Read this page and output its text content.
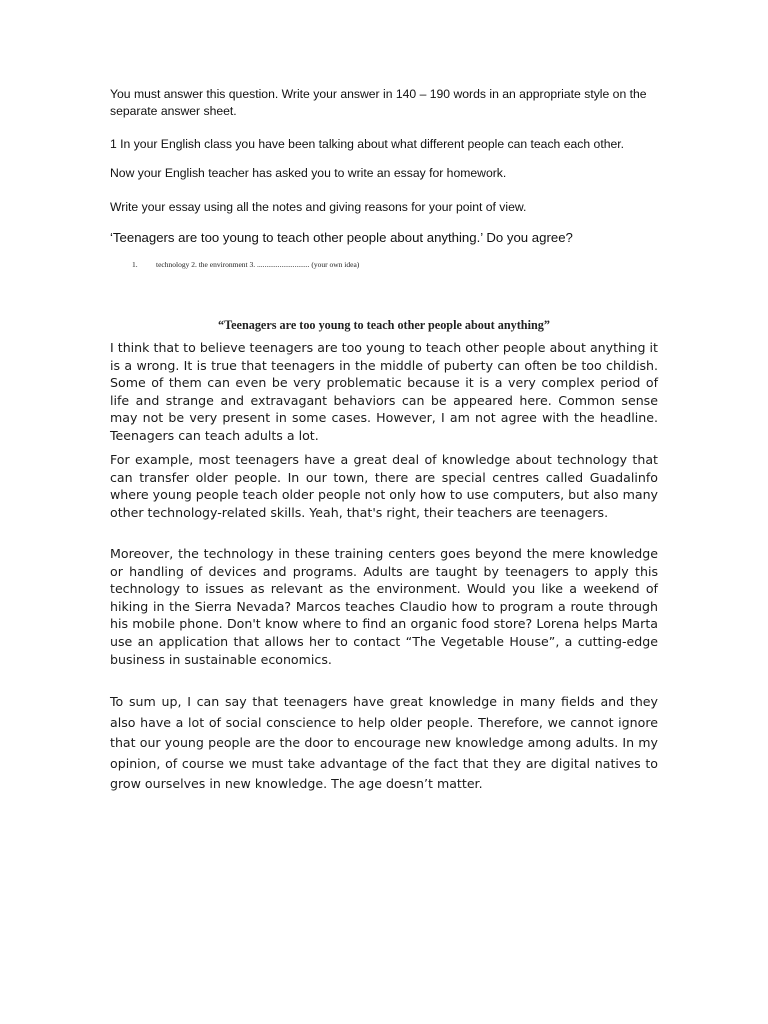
You must answer this question. Write your answer in 140 – 190 words in an appropriate style on the separate answer sheet.

1 In your English class you have been talking about what different people can teach each other.

Now your English teacher has asked you to write an essay for homework.

Write your essay using all the notes and giving reasons for your point of view.

‘Teenagers are too young to teach other people about anything.’ Do you agree?

1. technology 2. the environment 3. ............................ (your own idea)

“Teenagers are too young to teach other people about anything”

I think that to believe teenagers are too young to teach other people about anything it is a wrong. It is true that teenagers in the middle of puberty can often be too childish. Some of them can even be very problematic because it is a very complex period of life and strange and extravagant behaviors can be appeared here. Common sense may not be very present in some cases. However, I am not agree with the headline. Teenagers can teach adults a lot.

For example, most teenagers have a great deal of knowledge about technology that can transfer older people. In our town, there are special centres called Guadalinfo where young people teach older people not only how to use computers, but also many other technology-related skills. Yeah, that's right, their teachers are teenagers.

Moreover, the technology in these training centers goes beyond the mere knowledge or handling of devices and programs. Adults are taught by teenagers to apply this technology to issues as relevant as the environment. Would you like a weekend of hiking in the Sierra Nevada? Marcos teaches Claudio how to program a route through his mobile phone. Don't know where to find an organic food store? Lorena helps Marta use an application that allows her to contact “The Vegetable House”, a cutting-edge business in sustainable economics.

To sum up, I can say that teenagers have great knowledge in many fields and they also have a lot of social conscience to help older people. Therefore, we cannot ignore that our young people are the door to encourage new knowledge among adults. In my opinion, of course we must take advantage of the fact that they are digital natives to grow ourselves in new knowledge. The age doesn’t matter.
